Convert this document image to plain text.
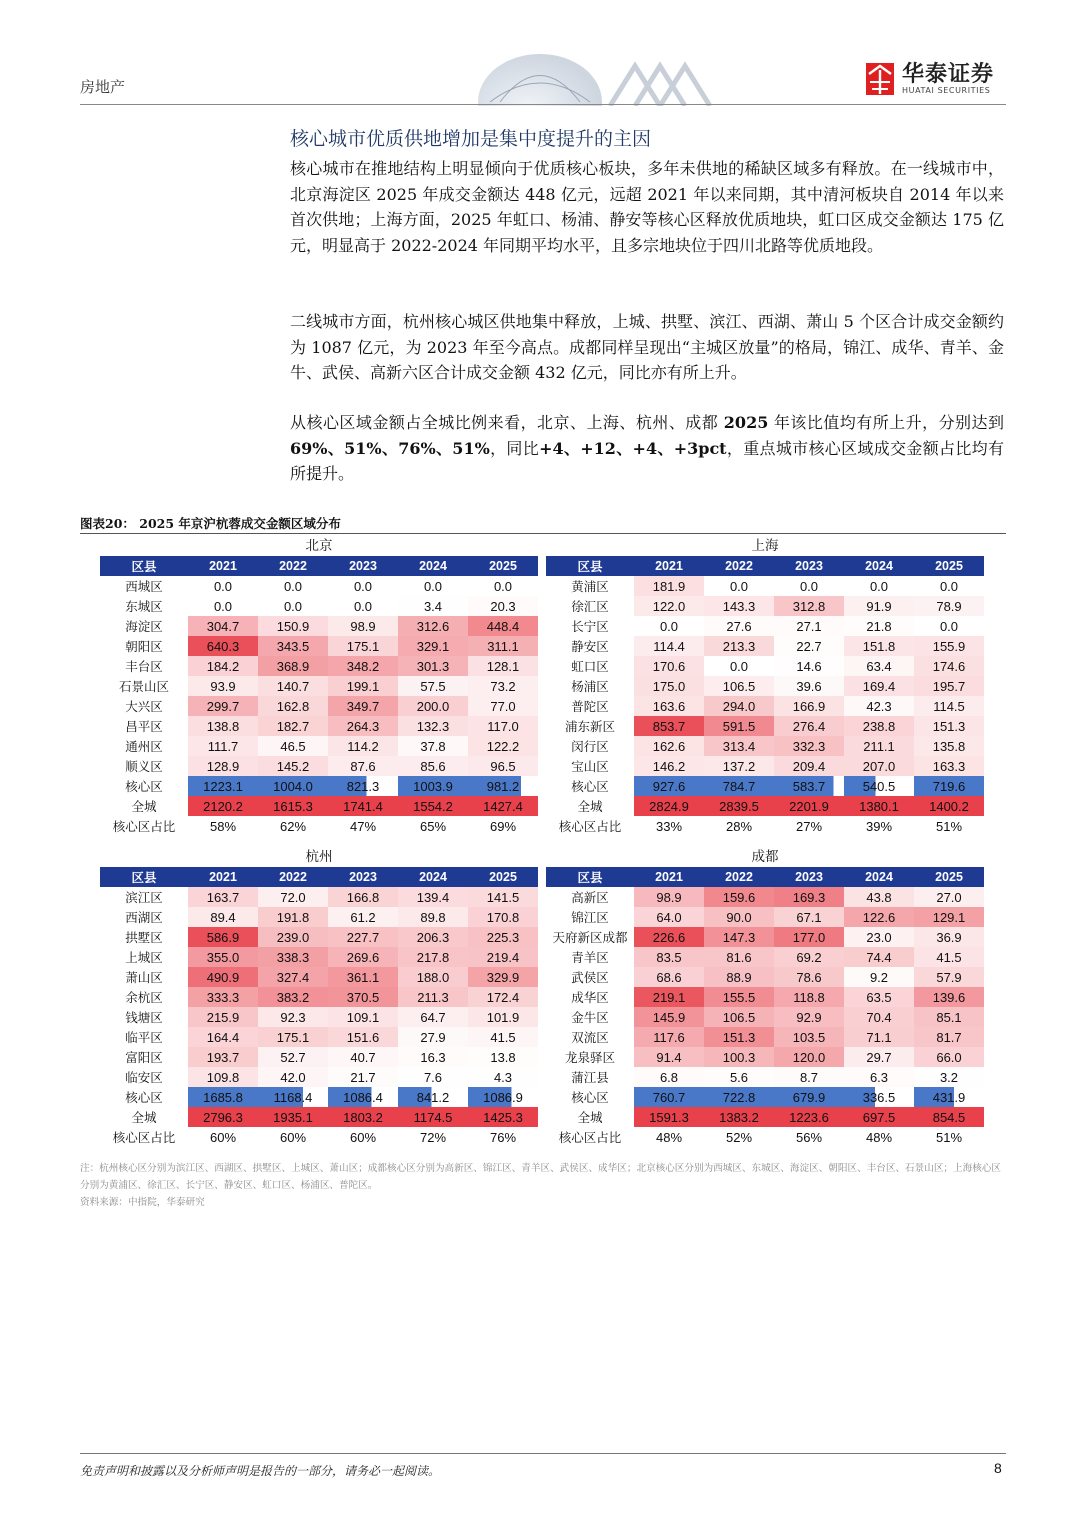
房地产
华泰证券
HUATAI SECURITIES
核心城市优质供地增加是集中度提升的主因
核心城市在推地结构上明显倾向于优质核心板块，多年未供地的稀缺区域多有释放。在一线城市中，北京海淀区 2025 年成交金额达 448 亿元，远超 2021 年以来同期，其中清河板块自 2014 年以来首次供地；上海方面，2025 年虹口、杨浦、静安等核心区释放优质地块，虹口区成交金额达 175 亿元，明显高于 2022-2024 年同期平均水平，且多宗地块位于四川北路等优质地段。
二线城市方面，杭州核心城区供地集中释放，上城、拱墅、滨江、西湖、萧山 5 个区合计成交金额约为 1087 亿元，为 2023 年至今高点。成都同样呈现出“主城区放量”的格局，锦江、成华、青羊、金牛、武侯、高新六区合计成交金额 432 亿元，同比亦有所上升。
从核心区域金额占全城比例来看，北京、上海、杭州、成都 2025 年该比值均有所上升，分别达到 69%、51%、76%、51%，同比+4、+12、+4、+3pct，重点城市核心区域成交金额占比均有所提升。
图表20： 2025 年京沪杭蓉成交金额区域分布
北京
区县	2021	2022	2023	2024	2025
西城区	0.0	0.0	0.0	0.0	0.0
东城区	0.0	0.0	0.0	3.4	20.3
海淀区	304.7	150.9	98.9	312.6	448.4
朝阳区	640.3	343.5	175.1	329.1	311.1
丰台区	184.2	368.9	348.2	301.3	128.1
石景山区	93.9	140.7	199.1	57.5	73.2
大兴区	299.7	162.8	349.7	200.0	77.0
昌平区	138.8	182.7	264.3	132.3	117.0
通州区	111.7	46.5	114.2	37.8	122.2
顺义区	128.9	145.2	87.6	85.6	96.5
核心区	1223.1	1004.0	821.3	1003.9	981.2
全城	2120.2	1615.3	1741.4	1554.2	1427.4
核心区占比	58%	62%	47%	65%	69%
上海
区县	2021	2022	2023	2024	2025
黄浦区	181.9	0.0	0.0	0.0	0.0
徐汇区	122.0	143.3	312.8	91.9	78.9
长宁区	0.0	27.6	27.1	21.8	0.0
静安区	114.4	213.3	22.7	151.8	155.9
虹口区	170.6	0.0	14.6	63.4	174.6
杨浦区	175.0	106.5	39.6	169.4	195.7
普陀区	163.6	294.0	166.9	42.3	114.5
浦东新区	853.7	591.5	276.4	238.8	151.3
闵行区	162.6	313.4	332.3	211.1	135.8
宝山区	146.2	137.2	209.4	207.0	163.3
核心区	927.6	784.7	583.7	540.5	719.6
全城	2824.9	2839.5	2201.9	1380.1	1400.2
核心区占比	33%	28%	27%	39%	51%
杭州
区县	2021	2022	2023	2024	2025
滨江区	163.7	72.0	166.8	139.4	141.5
西湖区	89.4	191.8	61.2	89.8	170.8
拱墅区	586.9	239.0	227.7	206.3	225.3
上城区	355.0	338.3	269.6	217.8	219.4
萧山区	490.9	327.4	361.1	188.0	329.9
余杭区	333.3	383.2	370.5	211.3	172.4
钱塘区	215.9	92.3	109.1	64.7	101.9
临平区	164.4	175.1	151.6	27.9	41.5
富阳区	193.7	52.7	40.7	16.3	13.8
临安区	109.8	42.0	21.7	7.6	4.3
核心区	1685.8	1168.4	1086.4	841.2	1086.9
全城	2796.3	1935.1	1803.2	1174.5	1425.3
核心区占比	60%	60%	60%	72%	76%
成都
区县	2021	2022	2023	2024	2025
高新区	98.9	159.6	169.3	43.8	27.0
锦江区	64.0	90.0	67.1	122.6	129.1
天府新区成都	226.6	147.3	177.0	23.0	36.9
青羊区	83.5	81.6	69.2	74.4	41.5
武侯区	68.6	88.9	78.6	9.2	57.9
成华区	219.1	155.5	118.8	63.5	139.6
金牛区	145.9	106.5	92.9	70.4	85.1
双流区	117.6	151.3	103.5	71.1	81.7
龙泉驿区	91.4	100.3	120.0	29.7	66.0
蒲江县	6.8	5.6	8.7	6.3	3.2
核心区	760.7	722.8	679.9	336.5	431.9
全城	1591.3	1383.2	1223.6	697.5	854.5
核心区占比	48%	52%	56%	48%	51%
注：杭州核心区分别为滨江区、西湖区、拱墅区、上城区、萧山区；成都核心区分别为高新区、锦江区、青羊区、武侯区、成华区；北京核心区分别为西城区、东城区、海淀区、朝阳区、丰台区、石景山区；上海核心区分别为黄浦区、徐汇区、长宁区、静安区、虹口区、杨浦区、普陀区。
资料来源：中指院，华泰研究
免责声明和披露以及分析师声明是报告的一部分，请务必一起阅读。	8
